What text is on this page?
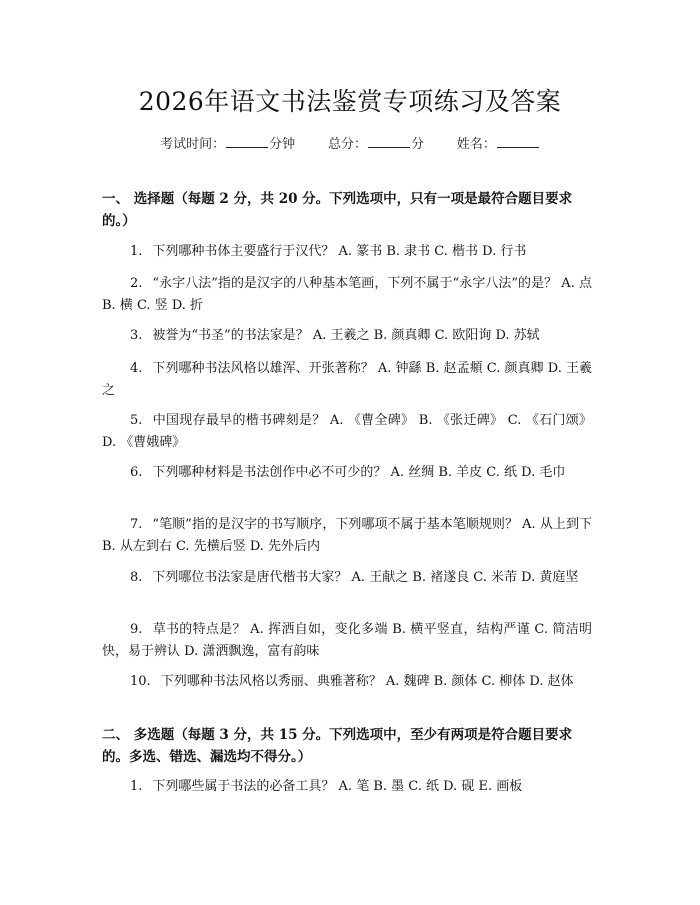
2026年语文书法鉴赏专项练习及答案
考试时间：	分钟	总分：	分	姓名：
一、 选择题（每题 2 分，共 20 分。下列选项中，只有一项是最符合题目要求的。）
1. 下列哪种书体主要盛行于汉代？ A. 篆书 B. 隶书 C. 楷书 D. 行书
2. “永字八法”指的是汉字的八种基本笔画，下列不属于“永字八法”的是？ A. 点 B. 横 C. 竖 D. 折
3. 被誉为“书圣”的书法家是？ A. 王羲之 B. 颜真卿 C. 欧阳询 D. 苏轼
4. 下列哪种书法风格以雄浑、开张著称？ A. 钟繇 B. 赵孟頫 C. 颜真卿 D. 王羲之
5. 中国现存最早的楷书碑刻是？ A. 《曹全碑》 B. 《张迁碑》 C. 《石门颂》 D. 《曹娥碑》
6. 下列哪种材料是书法创作中必不可少的？ A. 丝绸 B. 羊皮 C. 纸 D. 毛巾
7. “笔顺”指的是汉字的书写顺序，下列哪项不属于基本笔顺规则？ A. 从上到下 B. 从左到右 C. 先横后竖 D. 先外后内
8. 下列哪位书法家是唐代楷书大家？ A. 王献之 B. 褚遂良 C. 米芾 D. 黄庭坚
9. 草书的特点是？ A. 挥洒自如，变化多端 B. 横平竖直，结构严谨 C. 简洁明快，易于辨认 D. 潇洒飘逸，富有韵味
10. 下列哪种书法风格以秀丽、典雅著称？ A. 魏碑 B. 颜体 C. 柳体 D. 赵体
二、 多选题（每题 3 分，共 15 分。下列选项中，至少有两项是符合题目要求的。多选、错选、漏选均不得分。）
1. 下列哪些属于书法的必备工具？ A. 笔 B. 墨 C. 纸 D. 砚 E. 画板
